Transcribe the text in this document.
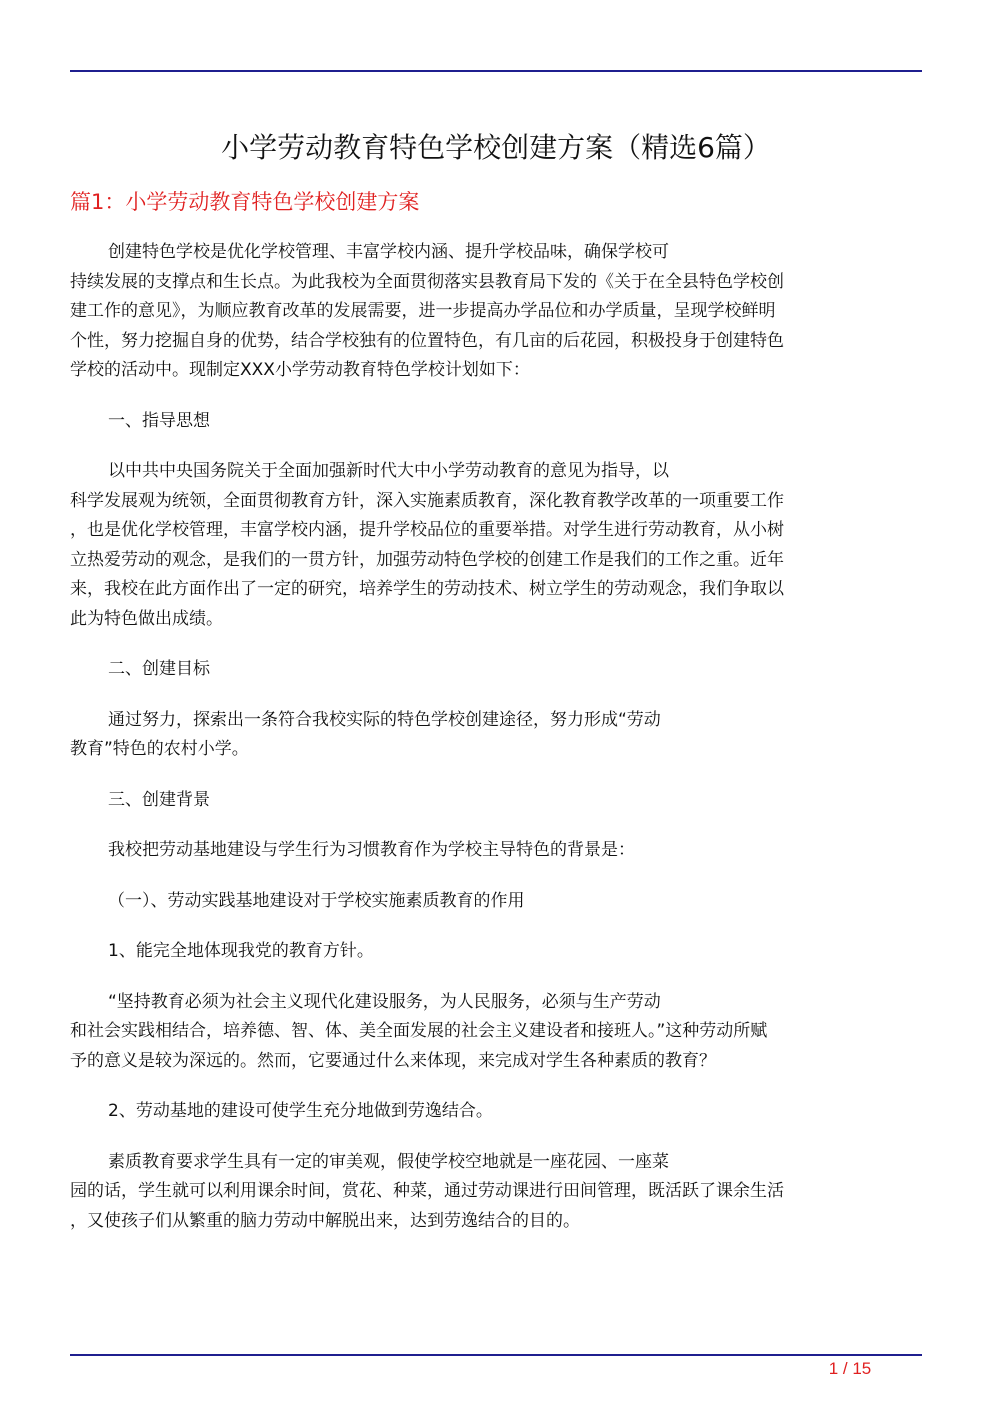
小学劳动教育特色学校创建方案（精选6篇）
篇1：小学劳动教育特色学校创建方案
创建特色学校是优化学校管理、丰富学校内涵、提升学校品味，确保学校可
持续发展的支撑点和生长点。为此我校为全面贯彻落实县教育局下发的《关于在全县特色学校创
建工作的意见》，为顺应教育改革的发展需要，进一步提高办学品位和办学质量，呈现学校鲜明
个性，努力挖掘自身的优势，结合学校独有的位置特色，有几亩的后花园，积极投身于创建特色
学校的活动中。现制定XXX小学劳动教育特色学校计划如下：
一、指导思想
以中共中央国务院关于全面加强新时代大中小学劳动教育的意见为指导，以
科学发展观为统领，全面贯彻教育方针，深入实施素质教育，深化教育教学改革的一项重要工作
，也是优化学校管理，丰富学校内涵，提升学校品位的重要举措。对学生进行劳动教育，从小树
立热爱劳动的观念，是我们的一贯方针，加强劳动特色学校的创建工作是我们的工作之重。近年
来，我校在此方面作出了一定的研究，培养学生的劳动技术、树立学生的劳动观念，我们争取以
此为特色做出成绩。
二、创建目标
通过努力，探索出一条符合我校实际的特色学校创建途径，努力形成“劳动
教育”特色的农村小学。
三、创建背景
我校把劳动基地建设与学生行为习惯教育作为学校主导特色的背景是：
（一）、劳动实践基地建设对于学校实施素质教育的作用
1、能完全地体现我党的教育方针。
“坚持教育必须为社会主义现代化建设服务，为人民服务，必须与生产劳动
和社会实践相结合，培养德、智、体、美全面发展的社会主义建设者和接班人。”这种劳动所赋
予的意义是较为深远的。然而，它要通过什么来体现，来完成对学生各种素质的教育？
2、劳动基地的建设可使学生充分地做到劳逸结合。
素质教育要求学生具有一定的审美观，假使学校空地就是一座花园、一座菜
园的话，学生就可以利用课余时间，赏花、种菜，通过劳动课进行田间管理，既活跃了课余生活
，又使孩子们从繁重的脑力劳动中解脱出来，达到劳逸结合的目的。
1 / 15
